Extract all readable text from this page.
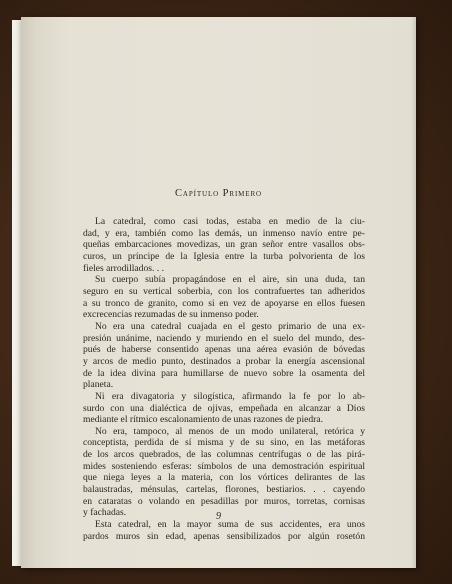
Capítulo Primero
La catedral, como casi todas, estaba en medio de la ciu-
dad, y era, también como las demás, un inmenso navío entre pe-
queñas embarcaciones movedizas, un gran señor entre vasallos obs-
curos, un príncipe de la Iglesia entre la turba polvorienta de los
fieles arrodillados. . .
Su cuerpo subía propagándose en el aire, sin una duda, tan
seguro en su vertical soberbia, con los contrafuertes tan adheridos
a su tronco de granito, como si en vez de apoyarse en ellos fuesen
excrecencias rezumadas de su inmenso poder.
No era una catedral cuajada en el gesto primario de una ex-
presión unánime, naciendo y muriendo en el suelo del mundo, des-
pués de haberse consentido apenas una aérea evasión de bóvedas
y arcos de medio punto, destinados a probar la energía ascensional
de la idea divina para humillarse de nuevo sobre la osamenta del
planeta.
Ni era divagatoria y silogística, afirmando la fe por lo ab-
surdo con una dialéctica de ojivas, empeñada en alcanzar a Dios
mediante el rítmico escalonamiento de unas razones de piedra.
No era, tampoco, al menos de un modo unilateral, retórica y
conceptista, perdida de sí misma y de su sino, en las metáforas
de los arcos quebrados, de las columnas centrífugas o de las pirá-
mides sosteniendo esferas: símbolos de una demostración espiritual
que niega leyes a la materia, con los vórtices delirantes de las
balaustradas, ménsulas, cartelas, florones, bestiarios. . . cayendo
en cataratas o volando en pesadillas por muros, torretas, cornisas
y fachadas.
Esta catedral, en la mayor suma de sus accidentes, era unos
pardos muros sin edad, apenas sensibilizados por algún rosetón
9
